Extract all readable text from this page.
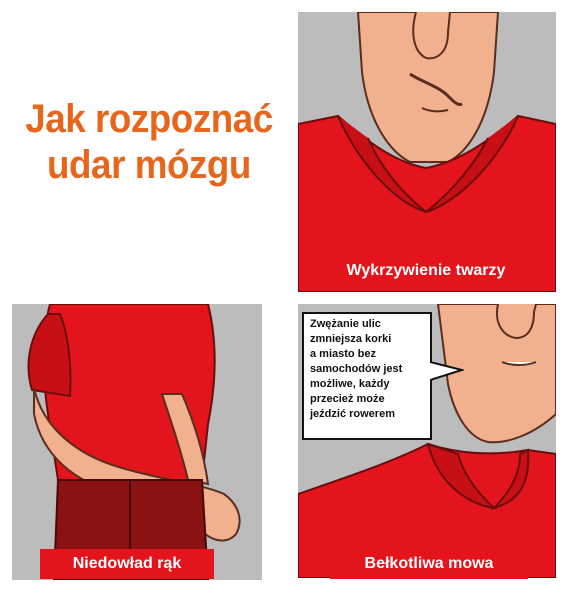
Jak rozpoznać
udar mózgu
Wykrzywienie twarzy
Niedowład rąk	Bełkotliwa mowa
Zwężanie ulic
zmniejsza korki
a miasto bez
samochodów jest
możliwe, każdy
przecież może
jeździć rowerem
